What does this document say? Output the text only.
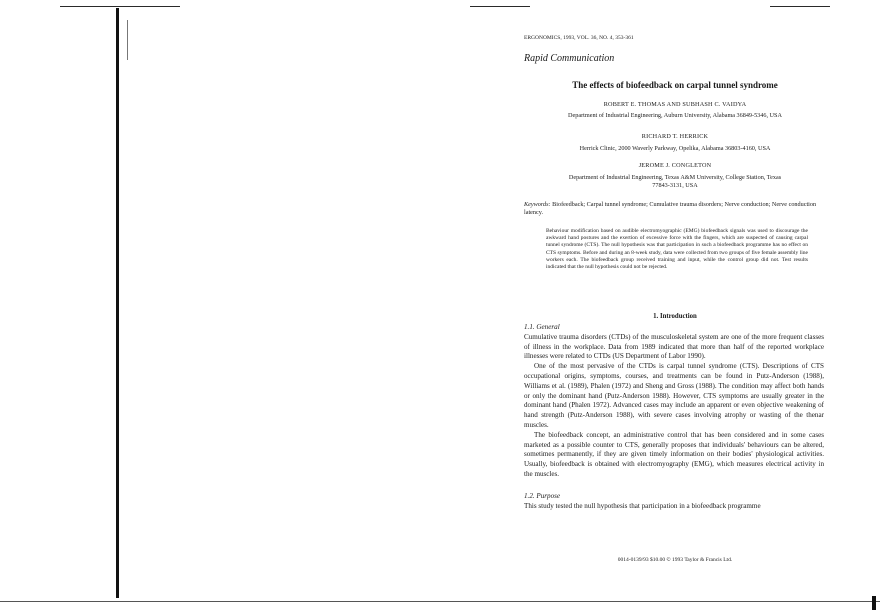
ERGONOMICS, 1993, VOL. 36, NO. 4, 353-361
Rapid Communication
The effects of biofeedback on carpal tunnel syndrome
ROBERT E. THOMAS AND SUBHASH C. VAIDYA
Department of Industrial Engineering, Auburn University, Alabama 36849-5346, USA
RICHARD T. HERRICK
Herrick Clinic, 2000 Waverly Parkway, Opelika, Alabama 36803-4160, USA
JEROME J. CONGLETON
Department of Industrial Engineering, Texas A&M University, College Station, Texas 77843-3131, USA
Keywords: Biofeedback; Carpal tunnel syndrome; Cumulative trauma disorders; Nerve conduction; Nerve conduction latency.
Behaviour modification based on audible electromyographic (EMG) biofeedback signals was used to discourage the awkward hand postures and the exertion of excessive force with the fingers, which are suspected of causing carpal tunnel syndrome (CTS). The null hypothesis was that participation in such a biofeedback programme has no effect on CTS symptoms. Before and during an 8-week study, data were collected from two groups of five female assembly line workers each. The biofeedback group received training and input, while the control group did not. Test results indicated that the null hypothesis could not be rejected.
1. Introduction
1.1. General
Cumulative trauma disorders (CTDs) of the musculoskeletal system are one of the more frequent classes of illness in the workplace. Data from 1989 indicated that more than half of the reported workplace illnesses were related to CTDs (US Department of Labor 1990).
One of the most pervasive of the CTDs is carpal tunnel syndrome (CTS). Descriptions of CTS occupational origins, symptoms, courses, and treatments can be found in Putz-Anderson (1988), Williams et al. (1989), Phalen (1972) and Sheng and Gross (1988). The condition may affect both hands or only the dominant hand (Putz-Anderson 1988). However, CTS symptoms are usually greater in the dominant hand (Phalen 1972). Advanced cases may include an apparent or even objective weakening of hand strength (Putz-Anderson 1988), with severe cases involving atrophy or wasting of the thenar muscles.
The biofeedback concept, an administrative control that has been considered and in some cases marketed as a possible counter to CTS, generally proposes that individuals' behaviours can be altered, sometimes permanently, if they are given timely information on their bodies' physiological activities. Usually, biofeedback is obtained with electromyography (EMG), which measures electrical activity in the muscles.
1.2. Purpose
This study tested the null hypothesis that participation in a biofeedback programme
0014-0139/93 $10.00 © 1993 Taylor & Francis Ltd.
